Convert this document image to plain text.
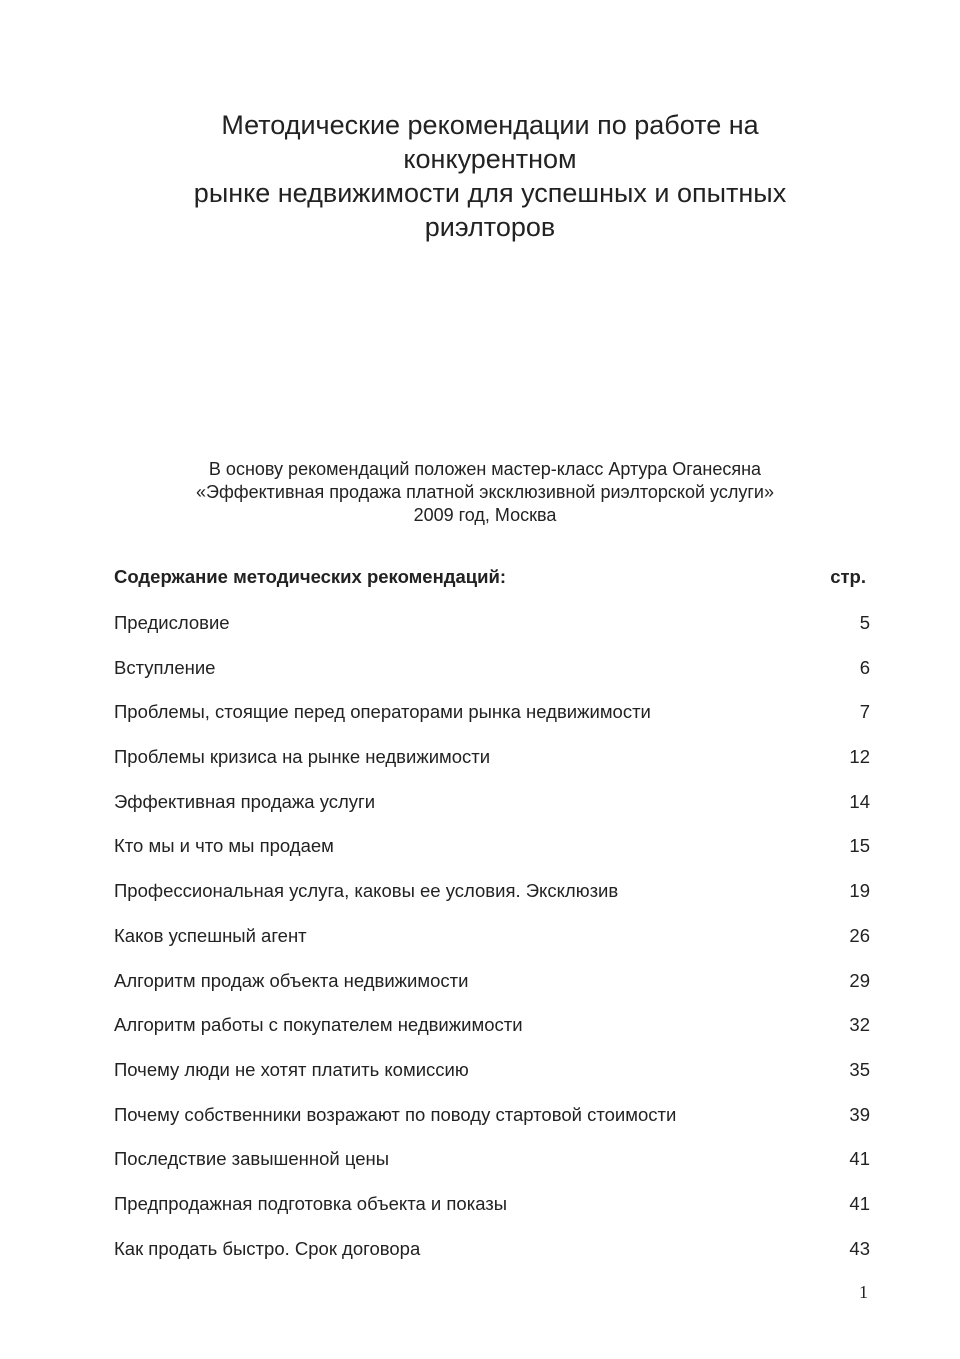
Методические рекомендации по работе на
конкурентном
рынке недвижимости для успешных и опытных
риэлторов
В основу рекомендаций положен мастер-класс Артура Оганесяна
«Эффективная продажа платной эксклюзивной риэлторской услуги»
2009 год, Москва
Содержание методических рекомендаций:	стр.
Предисловие	5
Вступление	6
Проблемы, стоящие перед операторами рынка недвижимости	7
Проблемы кризиса на рынке недвижимости	12
Эффективная продажа услуги	14
Кто мы и что мы продаем	15
Профессиональная услуга, каковы ее условия. Эксклюзив	19
Каков успешный агент	26
Алгоритм продаж объекта недвижимости	29
Алгоритм работы с покупателем недвижимости	32
Почему люди не хотят платить комиссию	35
Почему собственники возражают по поводу стартовой стоимости	39
Последствие завышенной цены	41
Предпродажная подготовка объекта и показы	41
Как продать быстро. Срок договора	43
1
